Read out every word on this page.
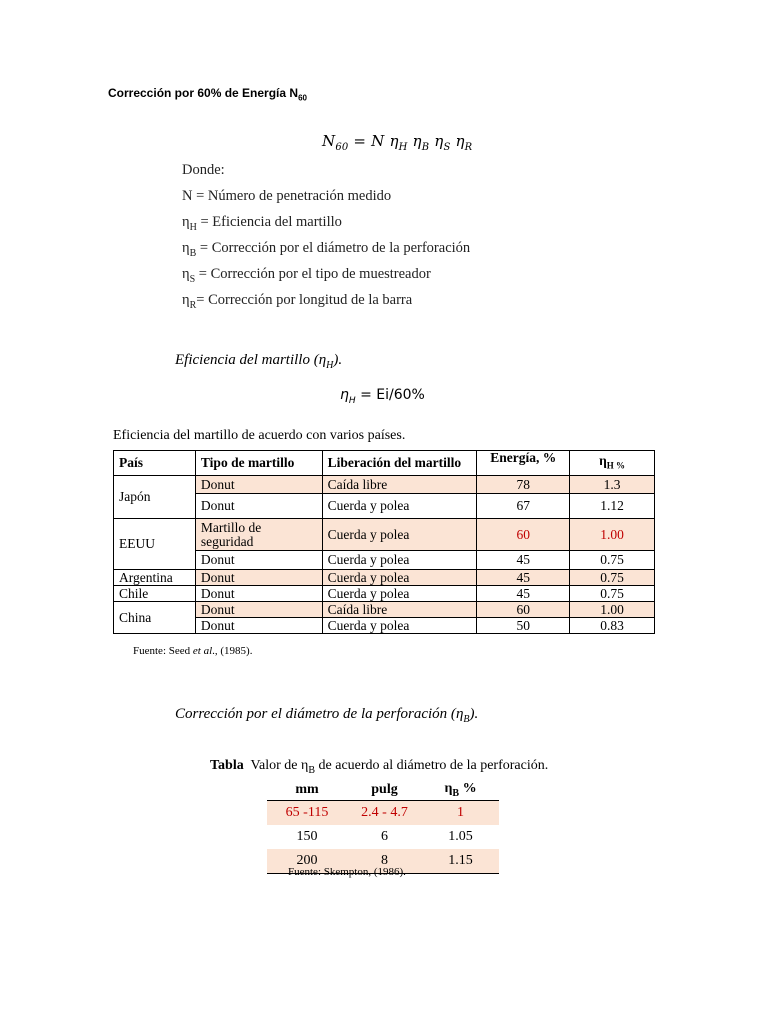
Corrección por 60% de Energía $N_{60}$
$N_{60} = N$ $\eta_H$ $\eta_B$ $\eta_S$ $\eta_R$
Donde:
N = Número de penetración medido
$\eta_H$ = Eficiencia del martillo
$\eta_B$ = Corrección por el diámetro de la perforación
$\eta_S$ = Corrección por el tipo de muestreador
$\eta_R=$ Corrección por longitud de la barra
Eficiencia del martillo $(\eta_H)$.
$\eta_H = Ei/60\%$
Eficiencia del martillo de acuerdo con varios países.
País	Tipo de martillo	Liberación del martillo	Energía, %	$\eta_{H \%}$
Japón	Donut	Caída libre	78	1.3
	Donut	Cuerda y polea	67	1.12
EEUU	Martillo de seguridad	Cuerda y polea	60	1.00
	Donut	Cuerda y polea	45	0.75
Argentina	Donut	Cuerda y polea	45	0.75
Chile	Donut	Cuerda y polea	45	0.75
China	Donut	Caída libre	60	1.00
	Donut	Cuerda y polea	50	0.83
Fuente: Seed et al., (1985).
Corrección por el diámetro de la perforación $(\eta_B)$.
Tabla  Valor de $\eta_B$ de acuerdo al diámetro de la perforación.
mm	pulg	$\eta_B$ %
65 -115	2.4 - 4.7	1
150	6	1.05
200	8	1.15
Fuente: Skempton, (1986).
